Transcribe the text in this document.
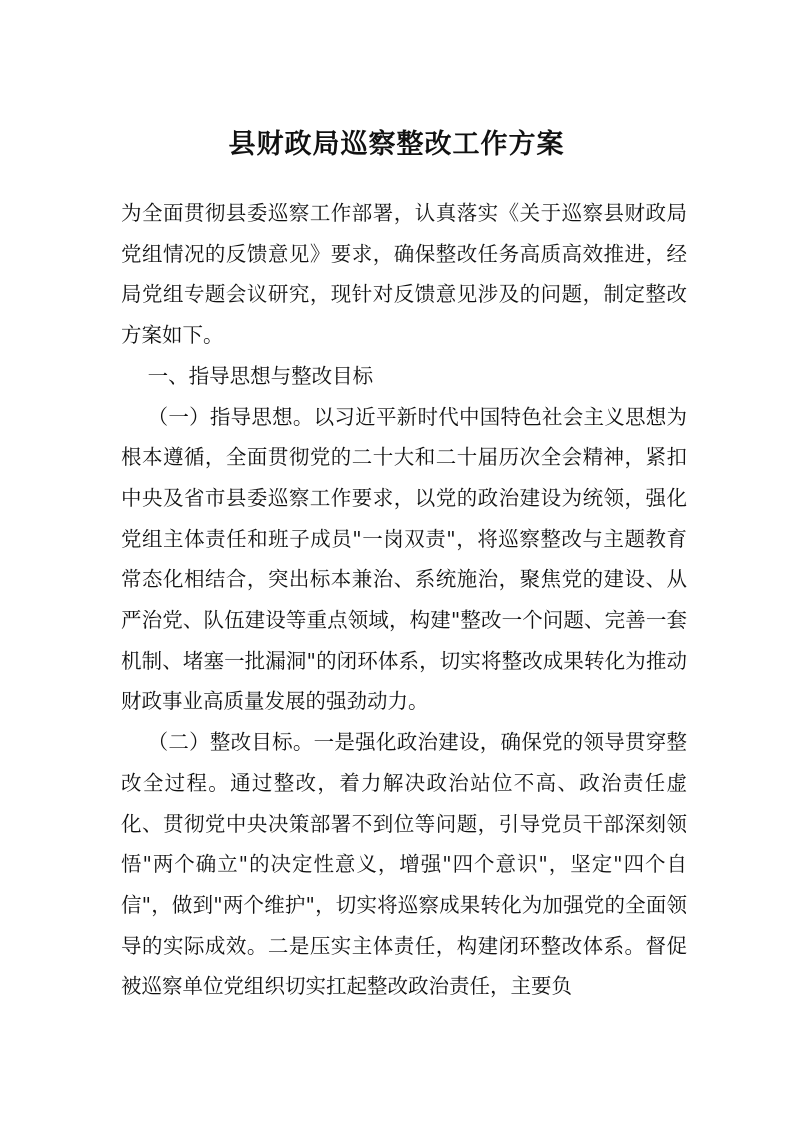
县财政局巡察整改工作方案

为全面贯彻县委巡察工作部署，认真落实《关于巡察县财政局党组情况的反馈意见》要求，确保整改任务高质高效推进，经局党组专题会议研究，现针对反馈意见涉及的问题，制定整改方案如下。

一、指导思想与整改目标

（一）指导思想。以习近平新时代中国特色社会主义思想为根本遵循，全面贯彻党的二十大和二十届历次全会精神，紧扣中央及省市县委巡察工作要求，以党的政治建设为统领，强化党组主体责任和班子成员"一岗双责"，将巡察整改与主题教育常态化相结合，突出标本兼治、系统施治，聚焦党的建设、从严治党、队伍建设等重点领域，构建"整改一个问题、完善一套机制、堵塞一批漏洞"的闭环体系，切实将整改成果转化为推动财政事业高质量发展的强劲动力。

（二）整改目标。一是强化政治建设，确保党的领导贯穿整改全过程。通过整改，着力解决政治站位不高、政治责任虚化、贯彻党中央决策部署不到位等问题，引导党员干部深刻领悟"两个确立"的决定性意义，增强"四个意识"，坚定"四个自信"，做到"两个维护"，切实将巡察成果转化为加强党的全面领导的实际成效。二是压实主体责任，构建闭环整改体系。督促被巡察单位党组织切实扛起整改政治责任，主要负
